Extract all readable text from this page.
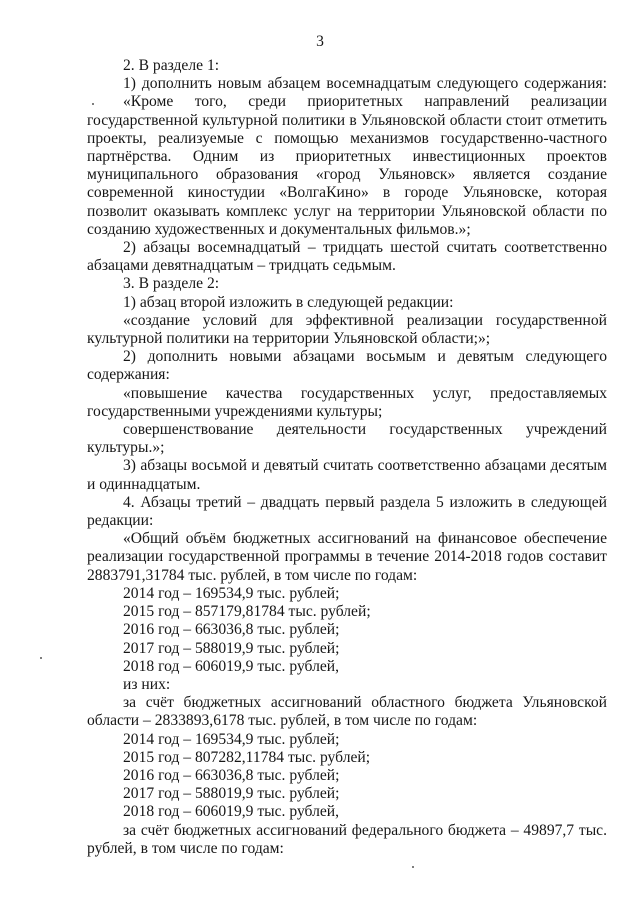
3

2. В разделе 1:

1) дополнить новым абзацем восемнадцатым следующего содержания:

«Кроме того, среди приоритетных направлений реализации государственной культурной политики в Ульяновской области стоит отметить проекты, реализуемые с помощью механизмов государственно-частного партнёрства. Одним из приоритетных инвестиционных проектов муниципального образования «город Ульяновск» является создание современной киностудии «ВолгаКино» в городе Ульяновске, которая позволит оказывать комплекс услуг на территории Ульяновской области по созданию художественных и документальных фильмов.»;

2) абзацы восемнадцатый – тридцать шестой считать соответственно абзацами девятнадцатым – тридцать седьмым.

3. В разделе 2:

1) абзац второй изложить в следующей редакции:

«создание условий для эффективной реализации государственной культурной политики на территории Ульяновской области;»;

2) дополнить новыми абзацами восьмым и девятым следующего содержания:

«повышение качества государственных услуг, предоставляемых государственными учреждениями культуры;

совершенствование деятельности государственных учреждений культуры.»;

3) абзацы восьмой и девятый считать соответственно абзацами десятым и одиннадцатым.

4. Абзацы третий – двадцать первый раздела 5 изложить в следующей редакции:

«Общий объём бюджетных ассигнований на финансовое обеспечение реализации государственной программы в течение 2014-2018 годов составит 2883791,31784 тыс. рублей, в том числе по годам:

2014 год – 169534,9 тыс. рублей;
2015 год – 857179,81784 тыс. рублей;
2016 год – 663036,8 тыс. рублей;
2017 год – 588019,9 тыс. рублей;
2018 год – 606019,9 тыс. рублей,
из них:

за счёт бюджетных ассигнований областного бюджета Ульяновской области – 2833893,6178 тыс. рублей, в том числе по годам:

2014 год – 169534,9 тыс. рублей;
2015 год – 807282,11784 тыс. рублей;
2016 год – 663036,8 тыс. рублей;
2017 год – 588019,9 тыс. рублей;
2018 год – 606019,9 тыс. рублей,

за счёт бюджетных ассигнований федерального бюджета – 49897,7 тыс. рублей, в том числе по годам:
